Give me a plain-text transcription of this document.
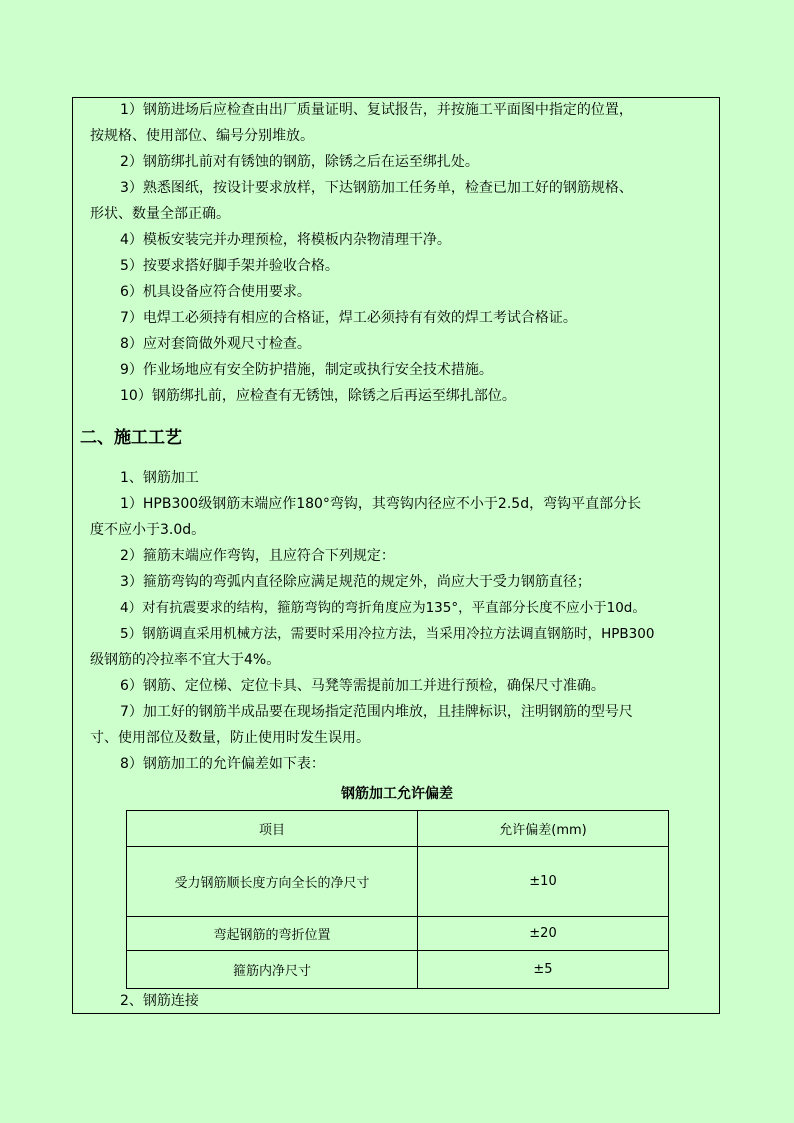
1）钢筋进场后应检查由出厂质量证明、复试报告，并按施工平面图中指定的位置，
按规格、使用部位、编号分别堆放。
2）钢筋绑扎前对有锈蚀的钢筋，除锈之后在运至绑扎处。
3）熟悉图纸，按设计要求放样，下达钢筋加工任务单，检查已加工好的钢筋规格、
形状、数量全部正确。
4）模板安装完并办理预检，将模板内杂物清理干净。
5）按要求搭好脚手架并验收合格。
6）机具设备应符合使用要求。
7）电焊工必须持有相应的合格证，焊工必须持有有效的焊工考试合格证。
8）应对套筒做外观尺寸检查。
9）作业场地应有安全防护措施，制定或执行安全技术措施。
10）钢筋绑扎前，应检查有无锈蚀，除锈之后再运至绑扎部位。
二、施工工艺
1、钢筋加工
1）HPB300级钢筋末端应作180°弯钩，其弯钩内径应不小于2.5d，弯钩平直部分长
度不应小于3.0d。
2）箍筋末端应作弯钩，且应符合下列规定：
3）箍筋弯钩的弯弧内直径除应满足规范的规定外，尚应大于受力钢筋直径；
4）对有抗震要求的结构，箍筋弯钩的弯折角度应为135°，平直部分长度不应小于10d。
5）钢筋调直采用机械方法，需要时采用冷拉方法，当采用冷拉方法调直钢筋时，HPB300
级钢筋的冷拉率不宜大于4%。
6）钢筋、定位梯、定位卡具、马凳等需提前加工并进行预检，确保尺寸准确。
7）加工好的钢筋半成品要在现场指定范围内堆放，且挂牌标识，注明钢筋的型号尺
寸、使用部位及数量，防止使用时发生误用。
8）钢筋加工的允许偏差如下表：
钢筋加工允许偏差
项目	允许偏差(mm)
受力钢筋顺长度方向全长的净尺寸	±10
弯起钢筋的弯折位置	±20
箍筋内净尺寸	±5
2、钢筋连接
